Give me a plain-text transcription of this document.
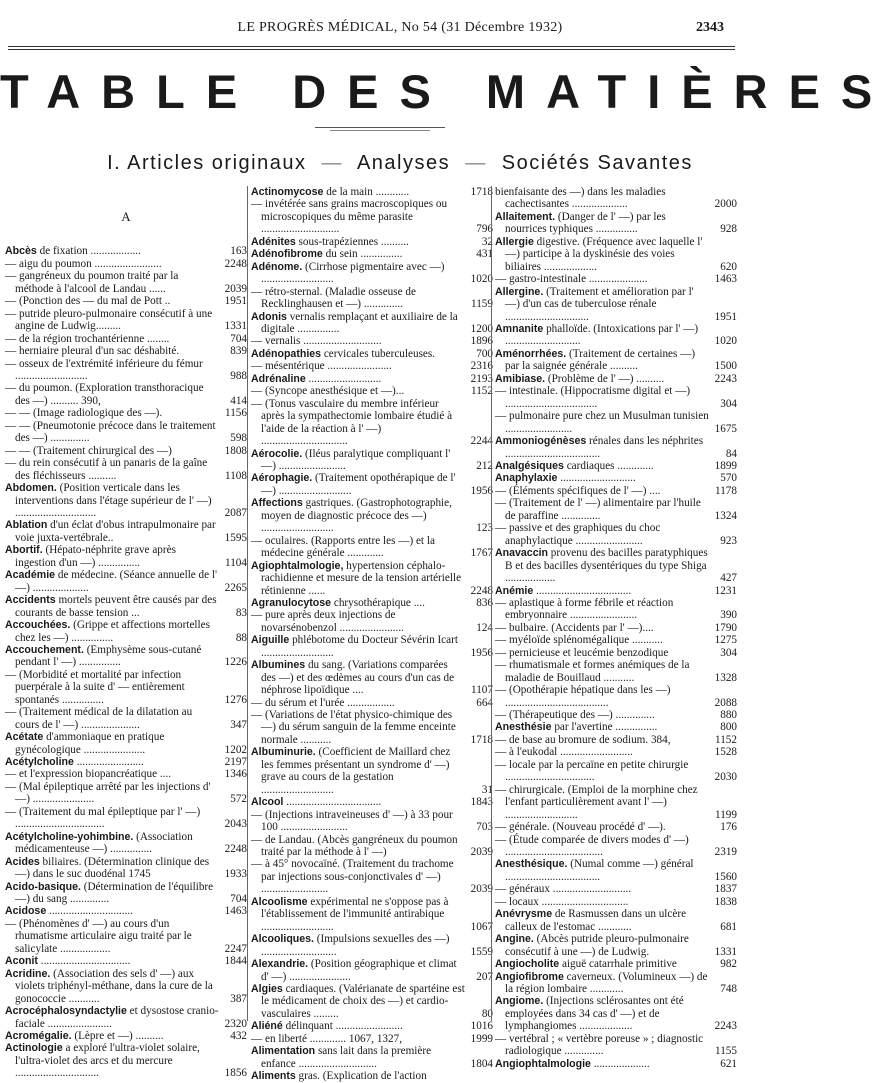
LE PROGRÈS MÉDICAL, No 54 (31 Décembre 1932)	2343
TABLE DES MATIÈRES
I. Articles originaux — Analyses — Sociétés Savantes
A
Abcès de fixation ..................	163
— aigu du poumon ........................	2248
— gangréneux du poumon traité par la méthode à l'alcool de Landau ......	2039
— (Ponction des — du mal de Pott ..	1951
— putride pleuro-pulmonaire consécutif à une angine de Ludwig.........	1331
— de la région trochantérienne ........	704
— herniaire pleural d'un sac déshabité.	839
— osseux de l'extrémité inférieure du fémur ..........................	988
— du poumon. (Exploration transthoracique des —) .......... 390,	414
— — (Image radiologique des —).	1156
— — (Pneumotonie précoce dans le traitement des —) ..............	598
— — (Traitement chirurgical des —)	1808
— du rein consécutif à un panaris de la gaîne des fléchisseurs ..........	1108
Abdomen. (Position verticale dans les interventions dans l'étage supérieur de l' —) .............................	2087
Ablation d'un éclat d'obus intrapulmonaire par voie juxta-vertébrale..	1595
Abortif. (Hépato-néphrite grave après ingestion d'un —) ...............	1104
Académie de médecine. (Séance annuelle de l' —) ....................	2265
Accidents mortels peuvent être causés par des courants de basse tension ...	83
Accouchées. (Grippe et affections mortelles chez les —) ...............	88
Accouchement. (Emphysème sous-cutané pendant l' —) ...............	1226
— (Morbidité et mortalité par infection puerpérale à la suite d' — entièrement spontanés ...............	1276
— (Traitement médical de la dilatation au cours de l' —) .....................	347
Acétate d'ammoniaque en pratique gynécologique ......................	1202
Acétylcholine ........................	2197
— et l'expression biopancréatique ....	1346
— (Mal épileptique arrêté par les injections d' —) ......................	572
— (Traitement du mal épileptique par l' —) ................................	2043
Acétylcholine-yohimbine. (Association médicamenteuse —) ...............	2248
Acides biliaires. (Détermination clinique des —) dans le suc duodénal 1745	1933
Acido-basique. (Détermination de l'équilibre —) du sang ..............	704
Acidose ..............................	1463
— (Phénomènes d' —) au cours d'un rhumatisme articulaire aigu traité par le salicylate ..................	2247
Aconit ................................	1844
Acridine. (Association des sels d' —) aux violets triphényl-méthane, dans la cure de la gonococcie ...........	387
Acrocéphalosyndactylie et dysostose cranio-faciale .......................	2320
Acromégalie. (Lèpre et —) ..........	432
Actinologie a exploré l'ultra-violet solaire, l'ultra-violet des arcs et du mercure ..............................	1856
Actinomycose de la main ............	1718
— invétérée sans grains macroscopiques ou microscopiques du même parasite ............................	796
Adénites sous-trapéziennes ..........	32
Adénofibrome du sein ...............	431
Adénome. (Cirrhose pigmentaire avec —) ..........................	1020
— rétro-sternal. (Maladie osseuse de Recklinghausen et —) ..............	1159
Adonis vernalis remplaçant et auxiliaire de la digitale ...............	1200
— vernalis ............................	1896
Adénopathies cervicales tuberculeuses.	700
— mésentérique .......................	2316
Adrénaline ..........................	2193
— (Syncope anesthésique et —)...	1152
— (Tonus vasculaire du membre inférieur après la sympathectomie lombaire étudié à l'aide de la réaction à l' —) ...............................	2244
Aérocolie. (Iléus paralytique compliquant l' —) ........................	212
Aérophagie. (Traitement opothérapique de l' —) ..........................	1956
Affections gastriques. (Gastrophotographie, moyen de diagnostic précoce des —) ..........................	123
— oculaires. (Rapports entre les —) et la médecine générale .............	1767
Agiophtalmologie, hypertension céphalo-rachidienne et mesure de la tension artérielle rétinienne ......	2248
Agranulocytose chrysothérapique ....	836
— pure après deux injections de novarsénobenzol .......................	124
Aiguille phlébotome du Docteur Sévérin Icart ..........................	1956
Albumines du sang. (Variations comparées des —) et des œdèmes au cours d'un cas de néphrose lipoïdique ....	1107
— du sérum et l'urée .................	664
— (Variations de l'état physico-chimique des —) du sérum sanguin de la femme enceinte normale ...........	1718
Albuminurie. (Coefficient de Maillard chez les femmes présentant un syndrome d' —) grave au cours de la gestation ..........................	31
Alcool ..................................	1843
— (Injections intraveineuses d' —) à 33 pour 100 ........................	703
— de Landau. (Abcès gangréneux du poumon traité par la méthode à l' —)	2039
— à 45° novocaïné. (Traitement du trachome par injections sous-conjonctivales d' —) ........................	2039
Alcoolisme expérimental ne s'oppose pas à l'établissement de l'immunité antirabique ..........................	1067
Alcooliques. (Impulsions sexuelles des —) ...........................	1559
Alexandrie. (Position géographique et climat d' —) ......................	207
Algies cardiaques. (Valérianate de spartéine est le médicament de choix des —) et cardio-vasculaires .........	80
Aliéné délinquant ........................	1016
— en liberté ............. 1067, 1327,	1999
Alimentation sans lait dans la première enfance ............................	1804
Aliments gras. (Explication de l'action
bienfaisante des —) dans les maladies cachectisantes ....................	2000
Allaitement. (Danger de l' —) par les nourrices typhiques ...............	928
Allergie digestive. (Fréquence avec laquelle l' —) participe à la dyskinésie des voies biliaires ...................	620
— gastro-intestinale .....................	1463
Allergine. (Traitement et amélioration par l' —) d'un cas de tuberculose rénale ..............................	1951
Amnanite phalloïde. (Intoxications par l' —) ...........................	1020
Aménorrhées. (Traitement de certaines —) par la saignée générale ..........	1500
Amibiase. (Problème de l' —) ..........	2243
— intestinale. (Hippocratisme digital et —) .................................	304
— pulmonaire pure chez un Musulman tunisien ........................	1675
Ammoniogénèses rénales dans les néphrites ..................................	84
Analgésiques cardiaques .............	1899
Anaphylaxie ...........................	570
— (Éléments spécifiques de l' —) ....	1178
— (Traitement de l' —) alimentaire par l'huile de paraffine ..............	1324
— passive et des graphiques du choc anaphylactique ........................	923
Anavaccin provenu des bacilles paratyphiques B et des bacilles dysentériques du type Shiga ..................	427
Anémie ..................................	1231
— aplastique à forme fébrile et réaction embryonnaire ........................	390
— bulbaire. (Accidents par l' —)....	1790
— myéloïde splénomégalique ...........	1275
— pernicieuse et leucémie benzodique	304
— rhumatismale et formes anémiques de la maladie de Bouillaud ...........	1328
— (Opothérapie hépatique dans les —) .....................................	2088
— (Thérapeutique des —) ..............	880
Anesthésie par l'avertine ...............	800
— de base au bromure de sodium. 384,	1152
— à l'eukodal ..........................	1528
— locale par la percaïne en petite chirurgie ................................	2030
— chirurgicale. (Emploi de la morphine chez l'enfant particulièrement avant l' —) ..........................	1199
— générale. (Nouveau procédé d' —).	176
— (Étude comparée de divers modes d' —) ...................................	2319
Anesthésique. (Numal comme —) général ..................................	1560
— généraux ............................	1837
— locaux ...............................	1838
Anévrysme de Rasmussen dans un ulcère calleux de l'estomac ............	681
Angine. (Abcès putride pleuro-pulmonaire consécutif à une —) de Ludwig.	1331
Angiocholite aiguë catarrhale primitive	982
Angiofibrome caverneux. (Volumineux —) de la région lombaire ............	748
Angiome. (Injections sclérosantes ont été employées dans 34 cas d' —) et de lymphangiomes ...................	2243
— vertébral ; « vertèbre poreuse » ; diagnostic radiologique ..............	1155
Angiophtalmologie ....................	621
